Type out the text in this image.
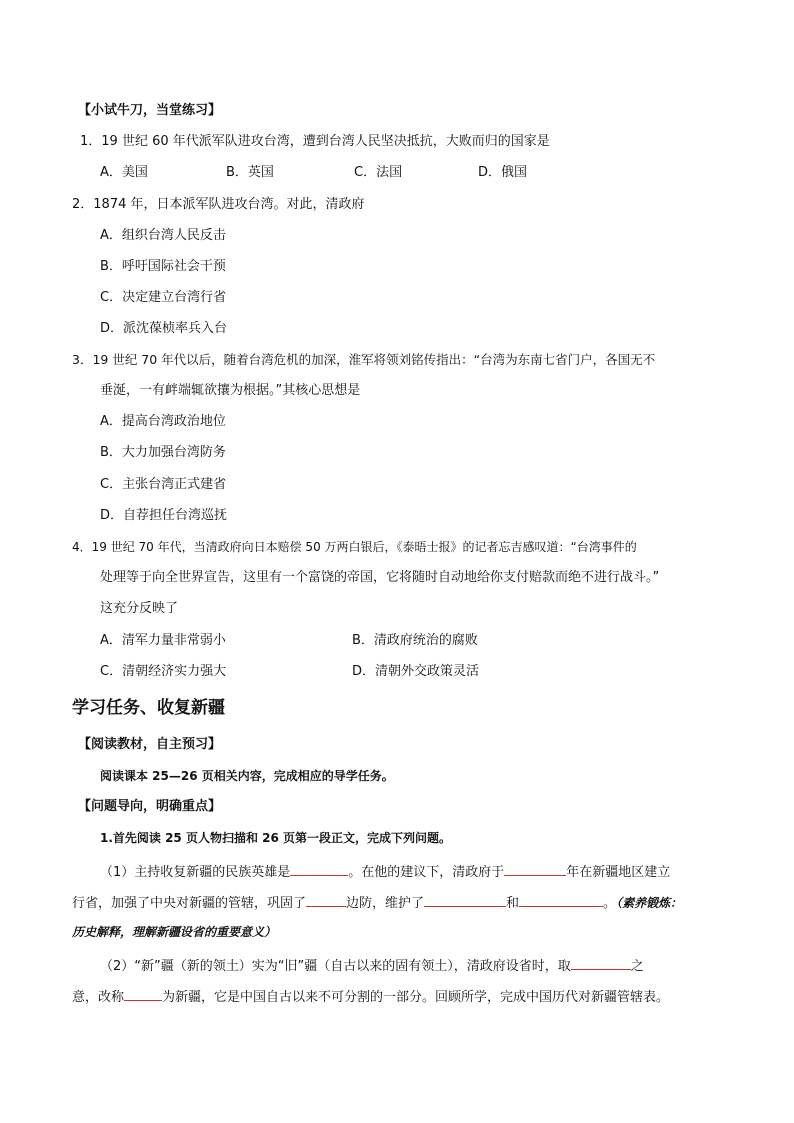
【小试牛刀，当堂练习】
1．19 世纪 60 年代派军队进攻台湾，遭到台湾人民坚决抵抗，大败而归的国家是
A．美国	B．英国	C．法国	D．俄国
2．1874 年，日本派军队进攻台湾。对此，清政府
A．组织台湾人民反击
B．呼吁国际社会干预
C．决定建立台湾行省
D．派沈葆桢率兵入台
3．19 世纪 70 年代以后，随着台湾危机的加深，淮军将领刘铭传指出：“台湾为东南七省门户，各国无不
垂涎，一有衅端辄欲攘为根据。”其核心思想是
A．提高台湾政治地位
B．大力加强台湾防务
C．主张台湾正式建省
D．自荐担任台湾巡抚
4．19 世纪 70 年代，当清政府向日本赔偿 50 万两白银后，《泰晤士报》的记者忘吉感叹道：“台湾事件的
处理等于向全世界宣告，这里有一个富饶的帝国，它将随时自动地给你支付赔款而绝不进行战斗。”
这充分反映了
A．清军力量非常弱小	B．清政府统治的腐败
C．清朝经济实力强大	D．清朝外交政策灵活
学习任务、收复新疆
【阅读教材，自主预习】
阅读课本 25—26 页相关内容，完成相应的导学任务。
【问题导向，明确重点】
1.首先阅读 25 页人物扫描和 26 页第一段正文，完成下列问题。
（1）主持收复新疆的民族英雄是	。在他的建议下，清政府于	年在新疆地区建立
行省，加强了中央对新疆的管辖，巩固了	边防，维护了	和	。（素养锻炼：
历史解释，理解新疆设省的重要意义）
（2）“新”疆（新的领土）实为“旧”疆（自古以来的固有领土），清政府设省时，取	之
意，改称	为新疆，它是中国自古以来不可分割的一部分。回顾所学，完成中国历代对新疆管辖表。
